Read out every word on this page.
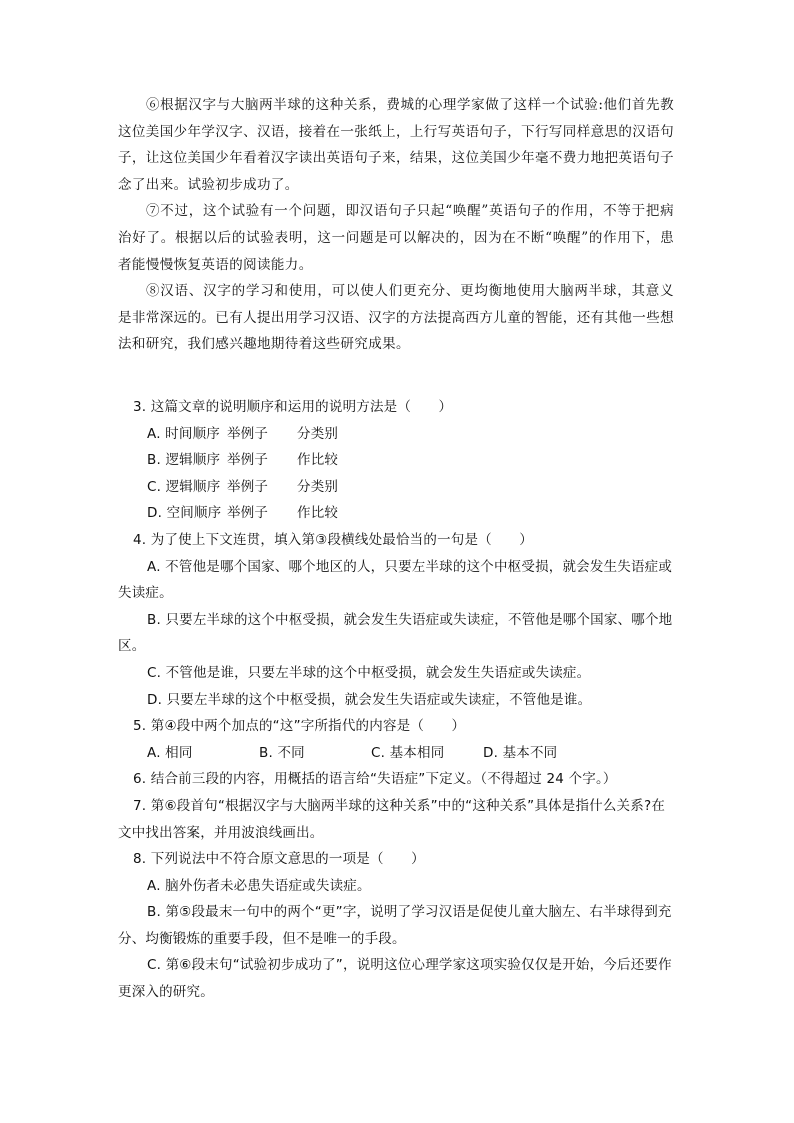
⑥根据汉字与大脑两半球的这种关系，费城的心理学家做了这样一个试验:他们首先教这位美国少年学汉字、汉语，接着在一张纸上，上行写英语句子，下行写同样意思的汉语句子，让这位美国少年看着汉字读出英语句子来，结果，这位美国少年毫不费力地把英语句子念了出来。试验初步成功了。

⑦不过，这个试验有一个问题，即汉语句子只起“唤醒”英语句子的作用，不等于把病治好了。根据以后的试验表明，这一问题是可以解决的，因为在不断“唤醒”的作用下，患者能慢慢恢复英语的阅读能力。

⑧汉语、汉字的学习和使用，可以使人们更充分、更均衡地使用大脑两半球，其意义是非常深远的。已有人提出用学习汉语、汉字的方法提高西方儿童的智能，还有其他一些想法和研究，我们感兴趣地期待着这些研究成果。

3. 这篇文章的说明顺序和运用的说明方法是（　　）

A. 时间顺序 举例子	分类别
B. 逻辑顺序 举例子	作比较
C. 逻辑顺序 举例子	分类别
D. 空间顺序 举例子	作比较

4. 为了使上下文连贯，填入第③段横线处最恰当的一句是（　　）

A. 不管他是哪个国家、哪个地区的人，只要左半球的这个中枢受损，就会发生失语症或失读症。

B. 只要左半球的这个中枢受损，就会发生失语症或失读症，不管他是哪个国家、哪个地区。

C. 不管他是谁，只要左半球的这个中枢受损，就会发生失语症或失读症。

D. 只要左半球的这个中枢受损，就会发生失语症或失读症，不管他是谁。

5. 第④段中两个加点的“这”字所指代的内容是（　　）

A. 相同	B. 不同	C. 基本相同	D. 基本不同

6. 结合前三段的内容，用概括的语言给“失语症”下定义。（不得超过 24 个字。）

7. 第⑥段首句“根据汉字与大脑两半球的这种关系”中的“这种关系”具体是指什么关系?在文中找出答案，并用波浪线画出。

8. 下列说法中不符合原文意思的一项是（　　）

A. 脑外伤者未必患失语症或失读症。

B. 第⑤段最末一句中的两个“更”字，说明了学习汉语是促使儿童大脑左、右半球得到充分、均衡锻炼的重要手段，但不是唯一的手段。

C. 第⑥段末句“试验初步成功了”，说明这位心理学家这项实验仅仅是开始，今后还要作更深入的研究。
